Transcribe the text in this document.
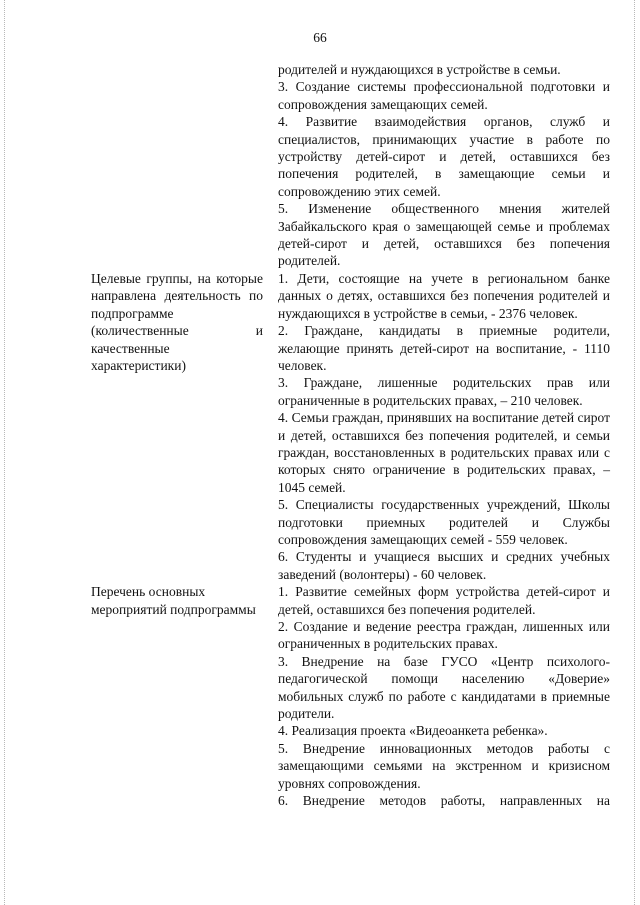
66

Целевые группы, на которые направлена деятельность по подпрограмме (количественные и качественные характеристики)

Перечень основных мероприятий подпрограммы

родителей и нуждающихся в устройстве в семьи.

3. Создание системы профессиональной подготовки и сопровождения замещающих семей.

4. Развитие взаимодействия органов, служб и специалистов, принимающих участие в работе по устройству детей-сирот и детей, оставшихся без попечения родителей, в замещающие семьи и сопровождению этих семей.

5. Изменение общественного мнения жителей Забайкальского края о замещающей семье и проблемах детей-сирот и детей, оставшихся без попечения родителей.

1. Дети, состоящие на учете в региональном банке данных о детях, оставшихся без попечения родителей и нуждающихся в устройстве в семьи, - 2376 человек.

2. Граждане, кандидаты в приемные родители, желающие принять детей-сирот на воспитание, - 1110 человек.

3. Граждане, лишенные родительских прав или ограниченные в родительских правах, – 210 человек.

4. Семьи граждан, принявших на воспитание детей сирот и детей, оставшихся без попечения родителей, и семьи граждан, восстановленных в родительских правах или с которых снято ограничение в родительских правах, – 1045 семей.

5. Специалисты государственных учреждений, Школы подготовки приемных родителей и Службы сопровождения замещающих семей - 559 человек.

6. Студенты и учащиеся высших и средних учебных заведений (волонтеры) - 60 человек.

1. Развитие семейных форм устройства детей-сирот и детей, оставшихся без попечения родителей.

2. Создание и ведение реестра граждан, лишенных или ограниченных в родительских правах.

3. Внедрение на базе ГУСО «Центр психолого-педагогической помощи населению «Доверие» мобильных служб по работе с кандидатами в приемные родители.

4. Реализация проекта «Видеоанкета ребенка».

5. Внедрение инновационных методов работы с замещающими семьями на экстренном и кризисном уровнях сопровождения.

6. Внедрение методов работы, направленных на
